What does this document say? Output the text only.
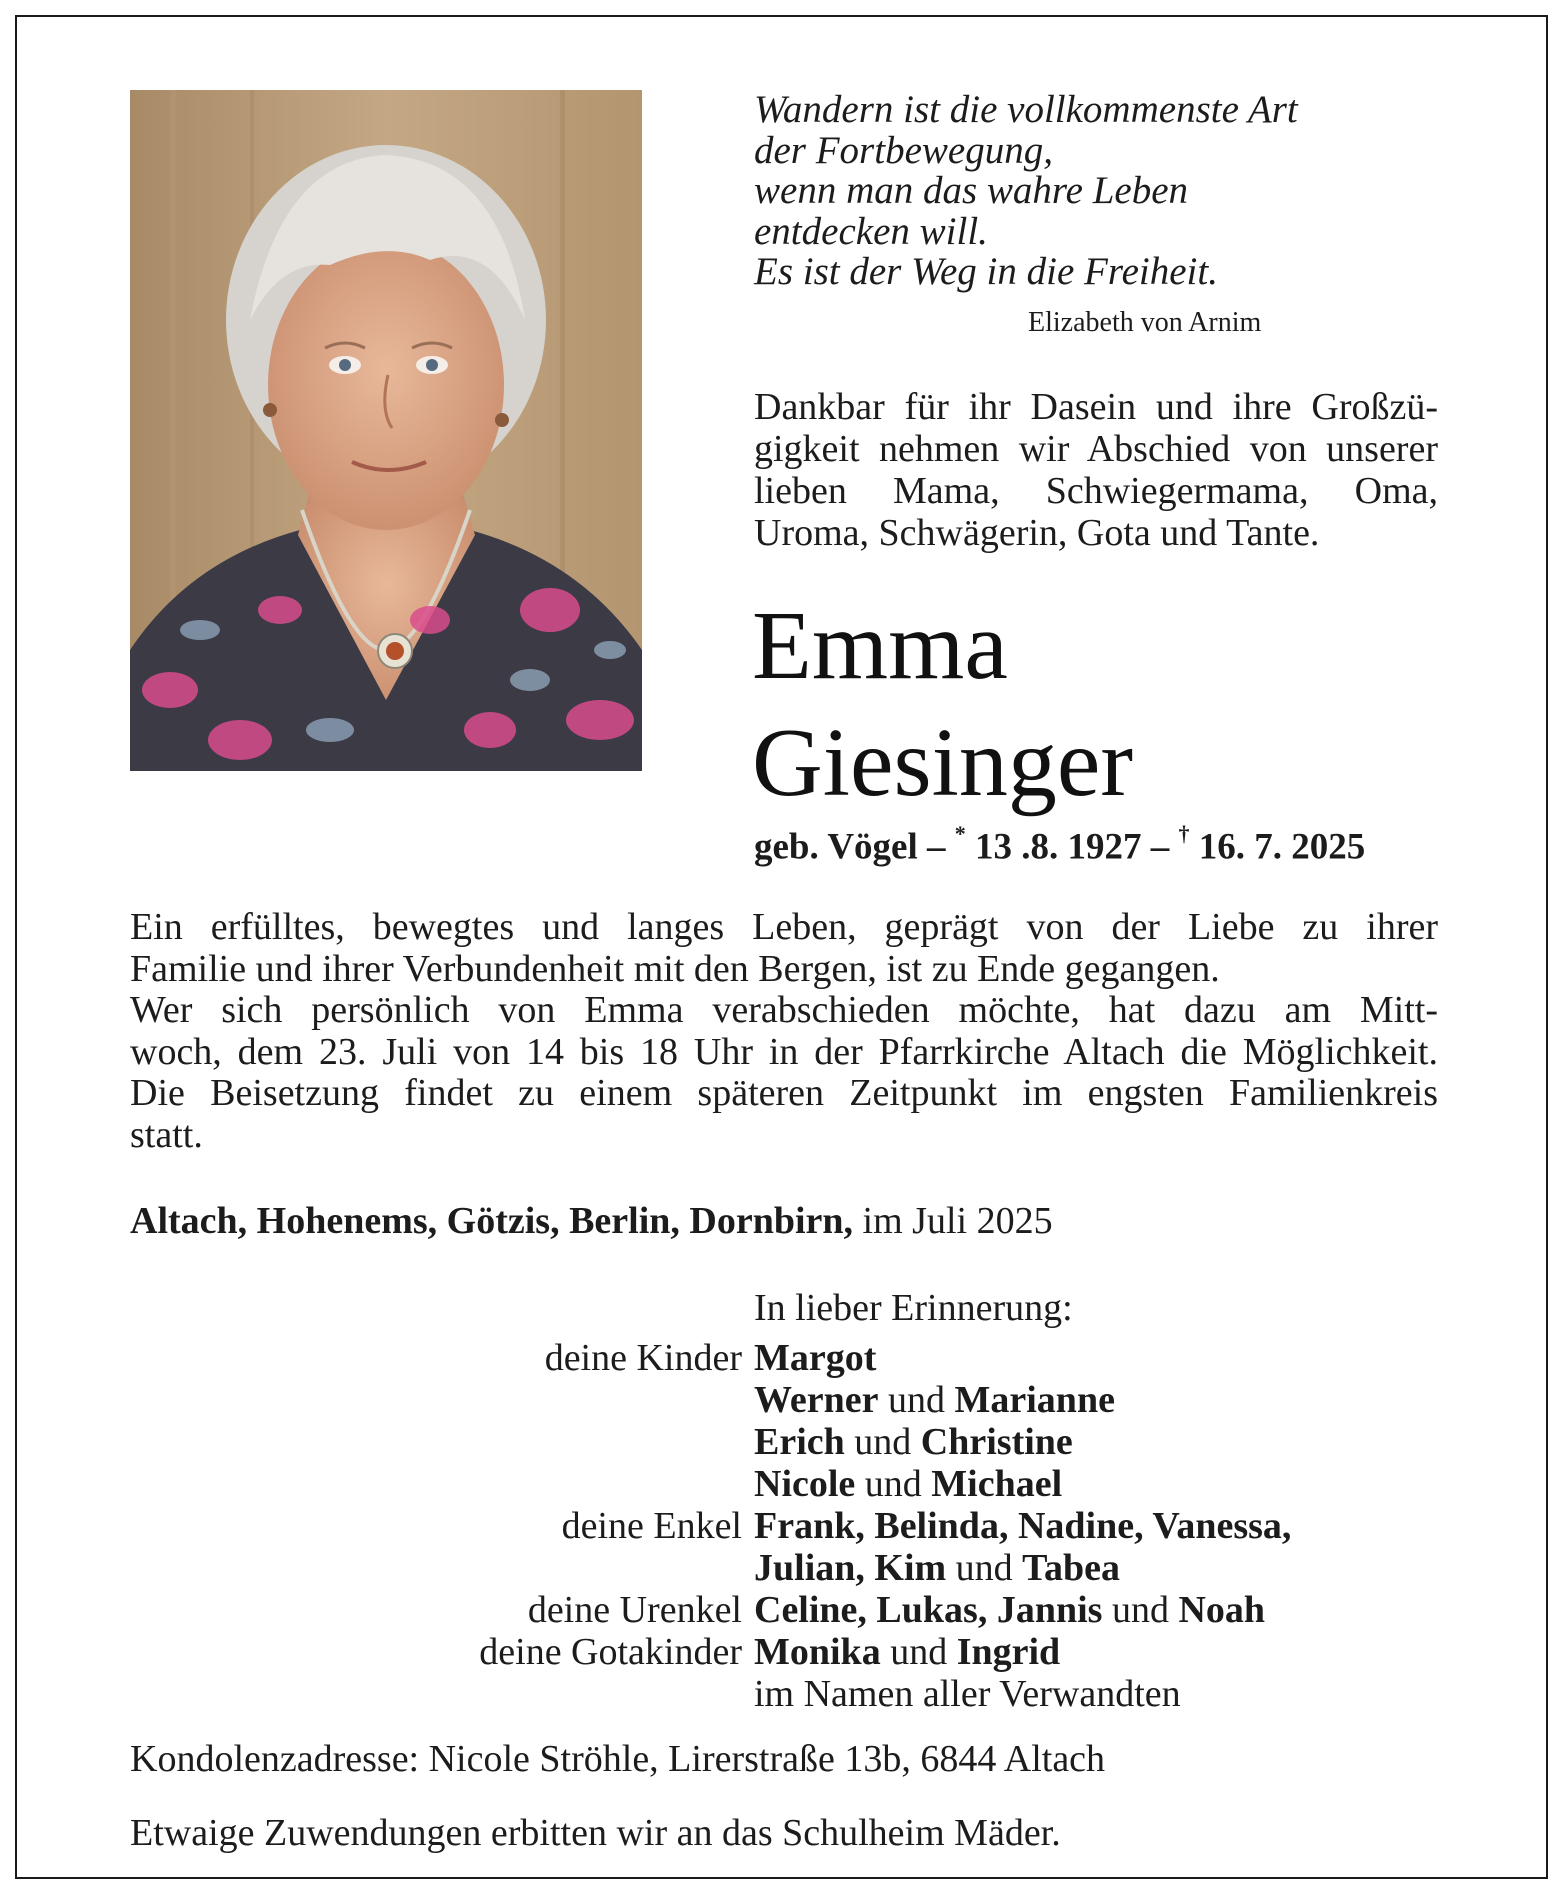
Wandern ist die vollkommenste Art
der Fortbewegung,
wenn man das wahre Leben
entdecken will.
Es ist der Weg in die Freiheit.
Elizabeth von Arnim
Dankbar für ihr Dasein und ihre Großzü-
gigkeit nehmen wir Abschied von unserer
lieben Mama, Schwiegermama, Oma,
Uroma, Schwägerin, Gota und Tante.
Emma
Giesinger
geb. Vögel – * 13 .8. 1927 – † 16. 7. 2025
Ein erfülltes, bewegtes und langes Leben, geprägt von der Liebe zu ihrer
Familie und ihrer Verbundenheit mit den Bergen, ist zu Ende gegangen.
Wer sich persönlich von Emma verabschieden möchte, hat dazu am Mitt-
woch, dem 23. Juli von 14 bis 18 Uhr in der Pfarrkirche Altach die Möglichkeit.
Die Beisetzung findet zu einem späteren Zeitpunkt im engsten Familienkreis
statt.
Altach, Hohenems, Götzis, Berlin, Dornbirn, im Juli 2025
In lieber Erinnerung:
deine Kinder Margot
Werner und Marianne
Erich und Christine
Nicole und Michael
deine Enkel Frank, Belinda, Nadine, Vanessa,
Julian, Kim und Tabea
deine Urenkel Celine, Lukas, Jannis und Noah
deine Gotakinder Monika und Ingrid
im Namen aller Verwandten
Kondolenzadresse: Nicole Ströhle, Lirerstraße 13b, 6844 Altach
Etwaige Zuwendungen erbitten wir an das Schulheim Mäder.
